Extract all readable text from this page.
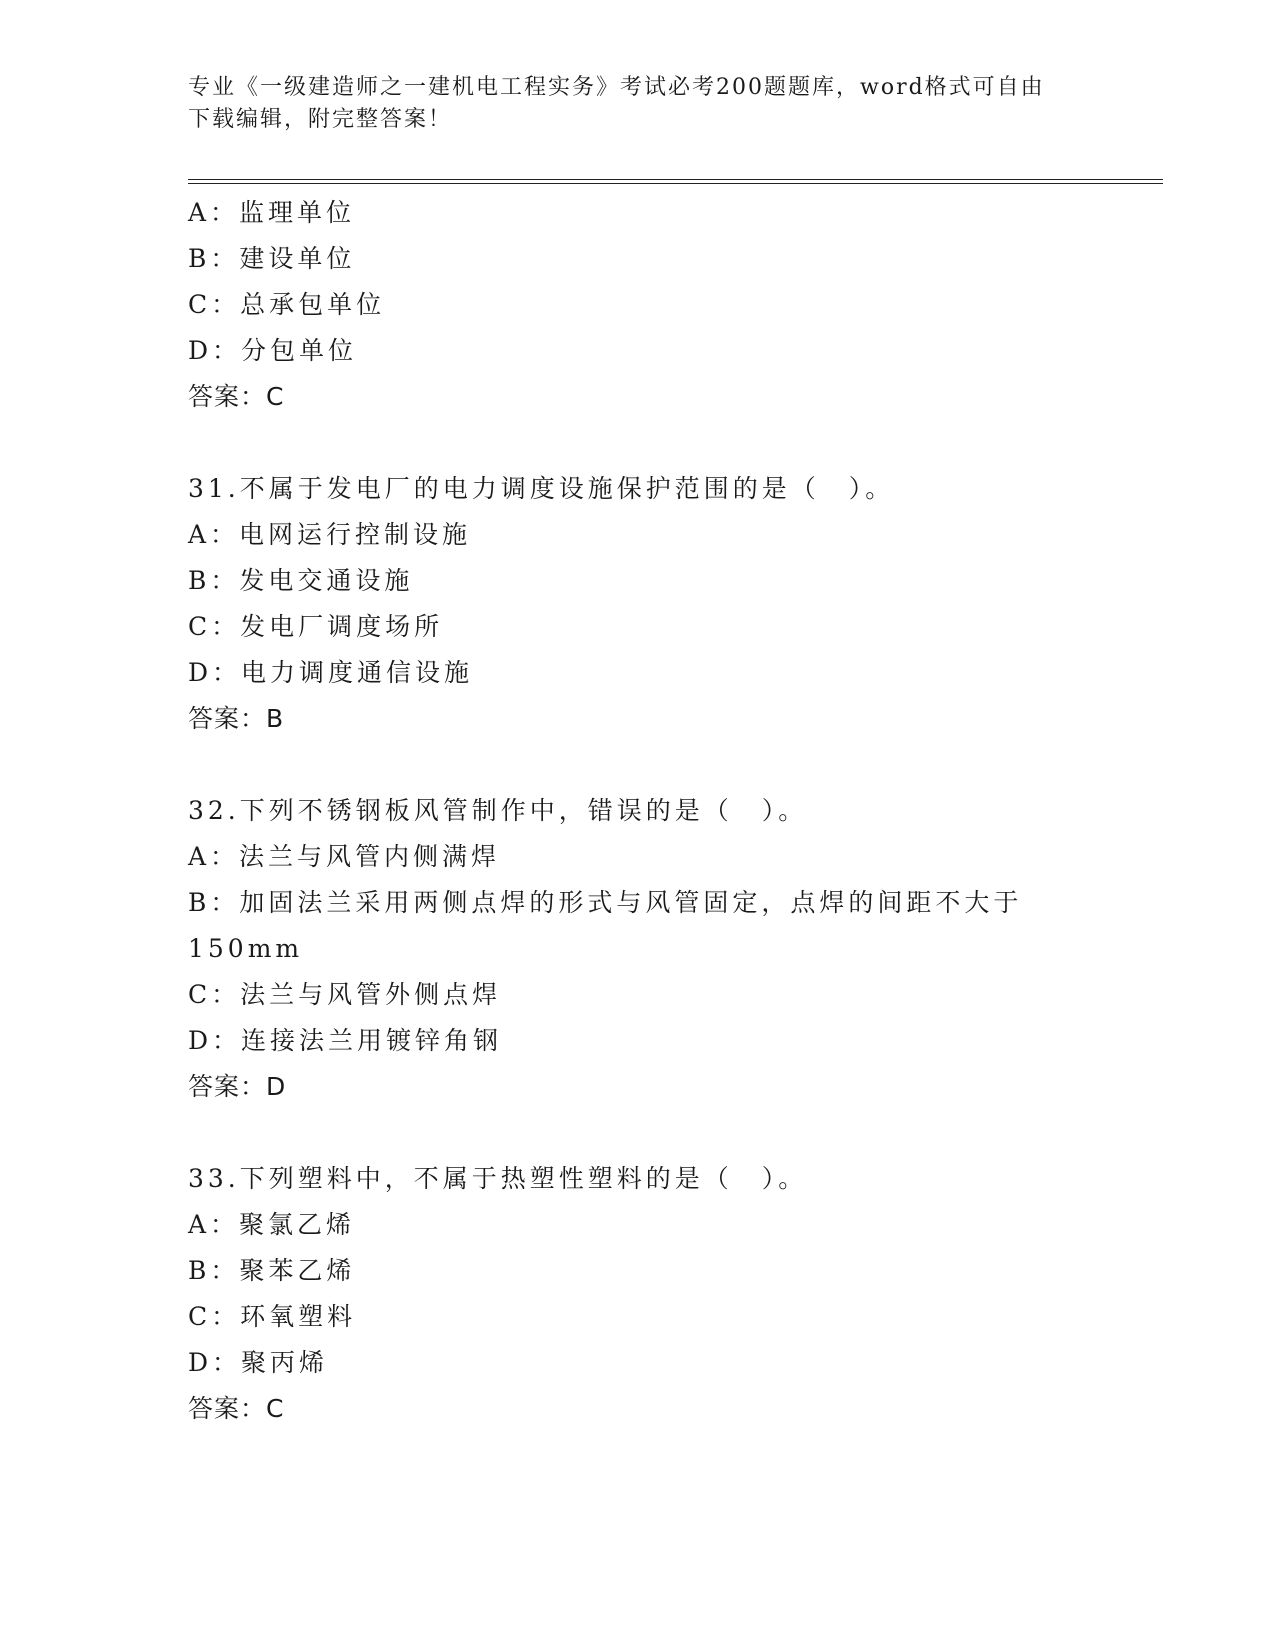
专业《一级建造师之一建机电工程实务》考试必考200题题库，word格式可自由
下载编辑，附完整答案！
A：监理单位
B：建设单位
C：总承包单位
D：分包单位
答案：C
31.不属于发电厂的电力调度设施保护范围的是（　）。
A：电网运行控制设施
B：发电交通设施
C：发电厂调度场所
D：电力调度通信设施
答案：B
32.下列不锈钢板风管制作中，错误的是（　）。
A：法兰与风管内侧满焊
B：加固法兰采用两侧点焊的形式与风管固定，点焊的间距不大于
150mm
C：法兰与风管外侧点焊
D：连接法兰用镀锌角钢
答案：D
33.下列塑料中，不属于热塑性塑料的是（　）。
A：聚氯乙烯
B：聚苯乙烯
C：环氧塑料
D：聚丙烯
答案：C
